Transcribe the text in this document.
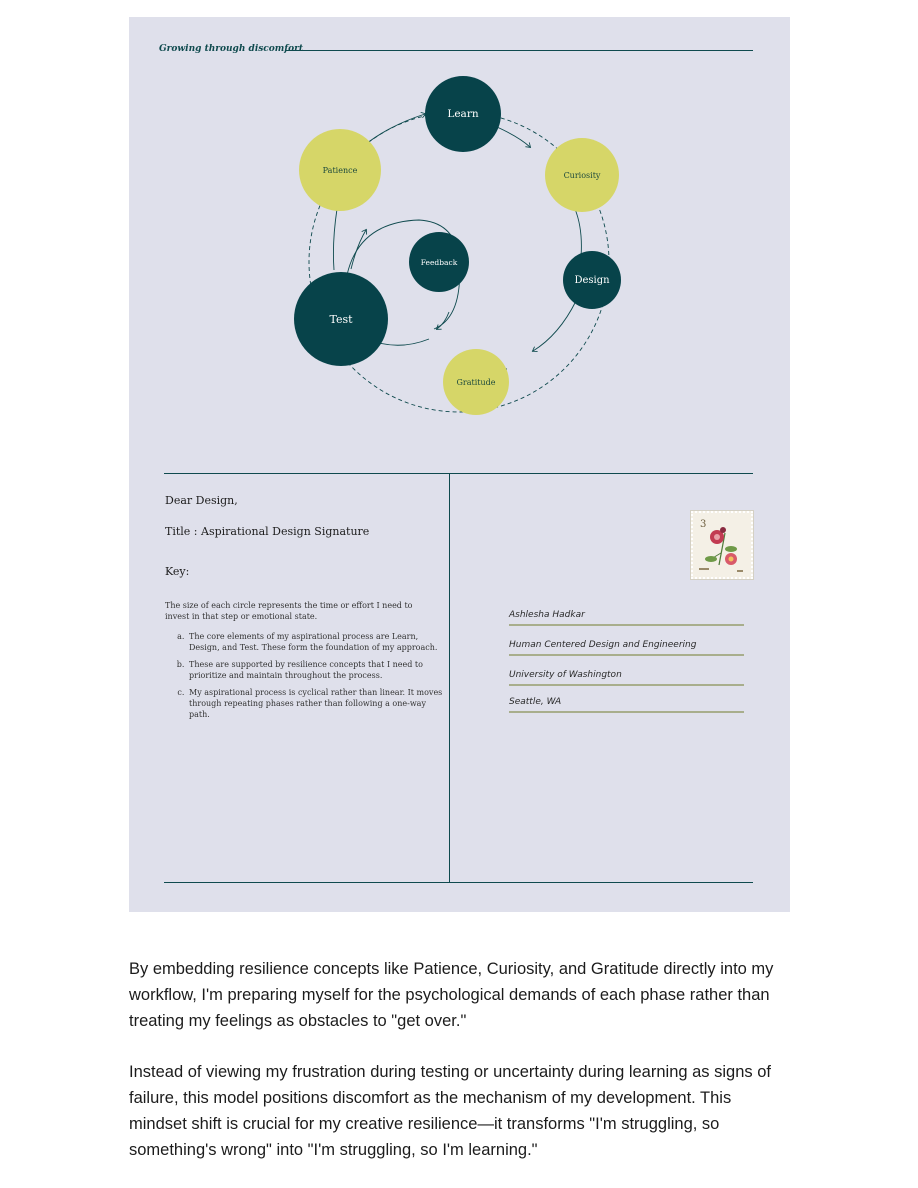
Growing through discomfort
Learn
Curiosity
Design
Gratitude
Test
Patience
Feedback
Dear Design,
Title : Aspirational Design Signature
Key:
The size of each circle represents the time or effort I need to invest in that step or emotional state.
a. The core elements of my aspirational process are Learn, Design, and Test. These form the foundation of my approach.
b. These are supported by resilience concepts that I need to prioritize and maintain throughout the process.
c. My aspirational process is cyclical rather than linear. It moves through repeating phases rather than following a one-way path.
3
Ashlesha Hadkar
Human Centered Design and Engineering
University of Washington
Seattle, WA

By embedding resilience concepts like Patience, Curiosity, and Gratitude directly into my workflow, I'm preparing myself for the psychological demands of each phase rather than treating my feelings as obstacles to "get over."

Instead of viewing my frustration during testing or uncertainty during learning as signs of failure, this model positions discomfort as the mechanism of my development. This mindset shift is crucial for my creative resilience—it transforms "I'm struggling, so something's wrong" into "I'm struggling, so I'm learning."
